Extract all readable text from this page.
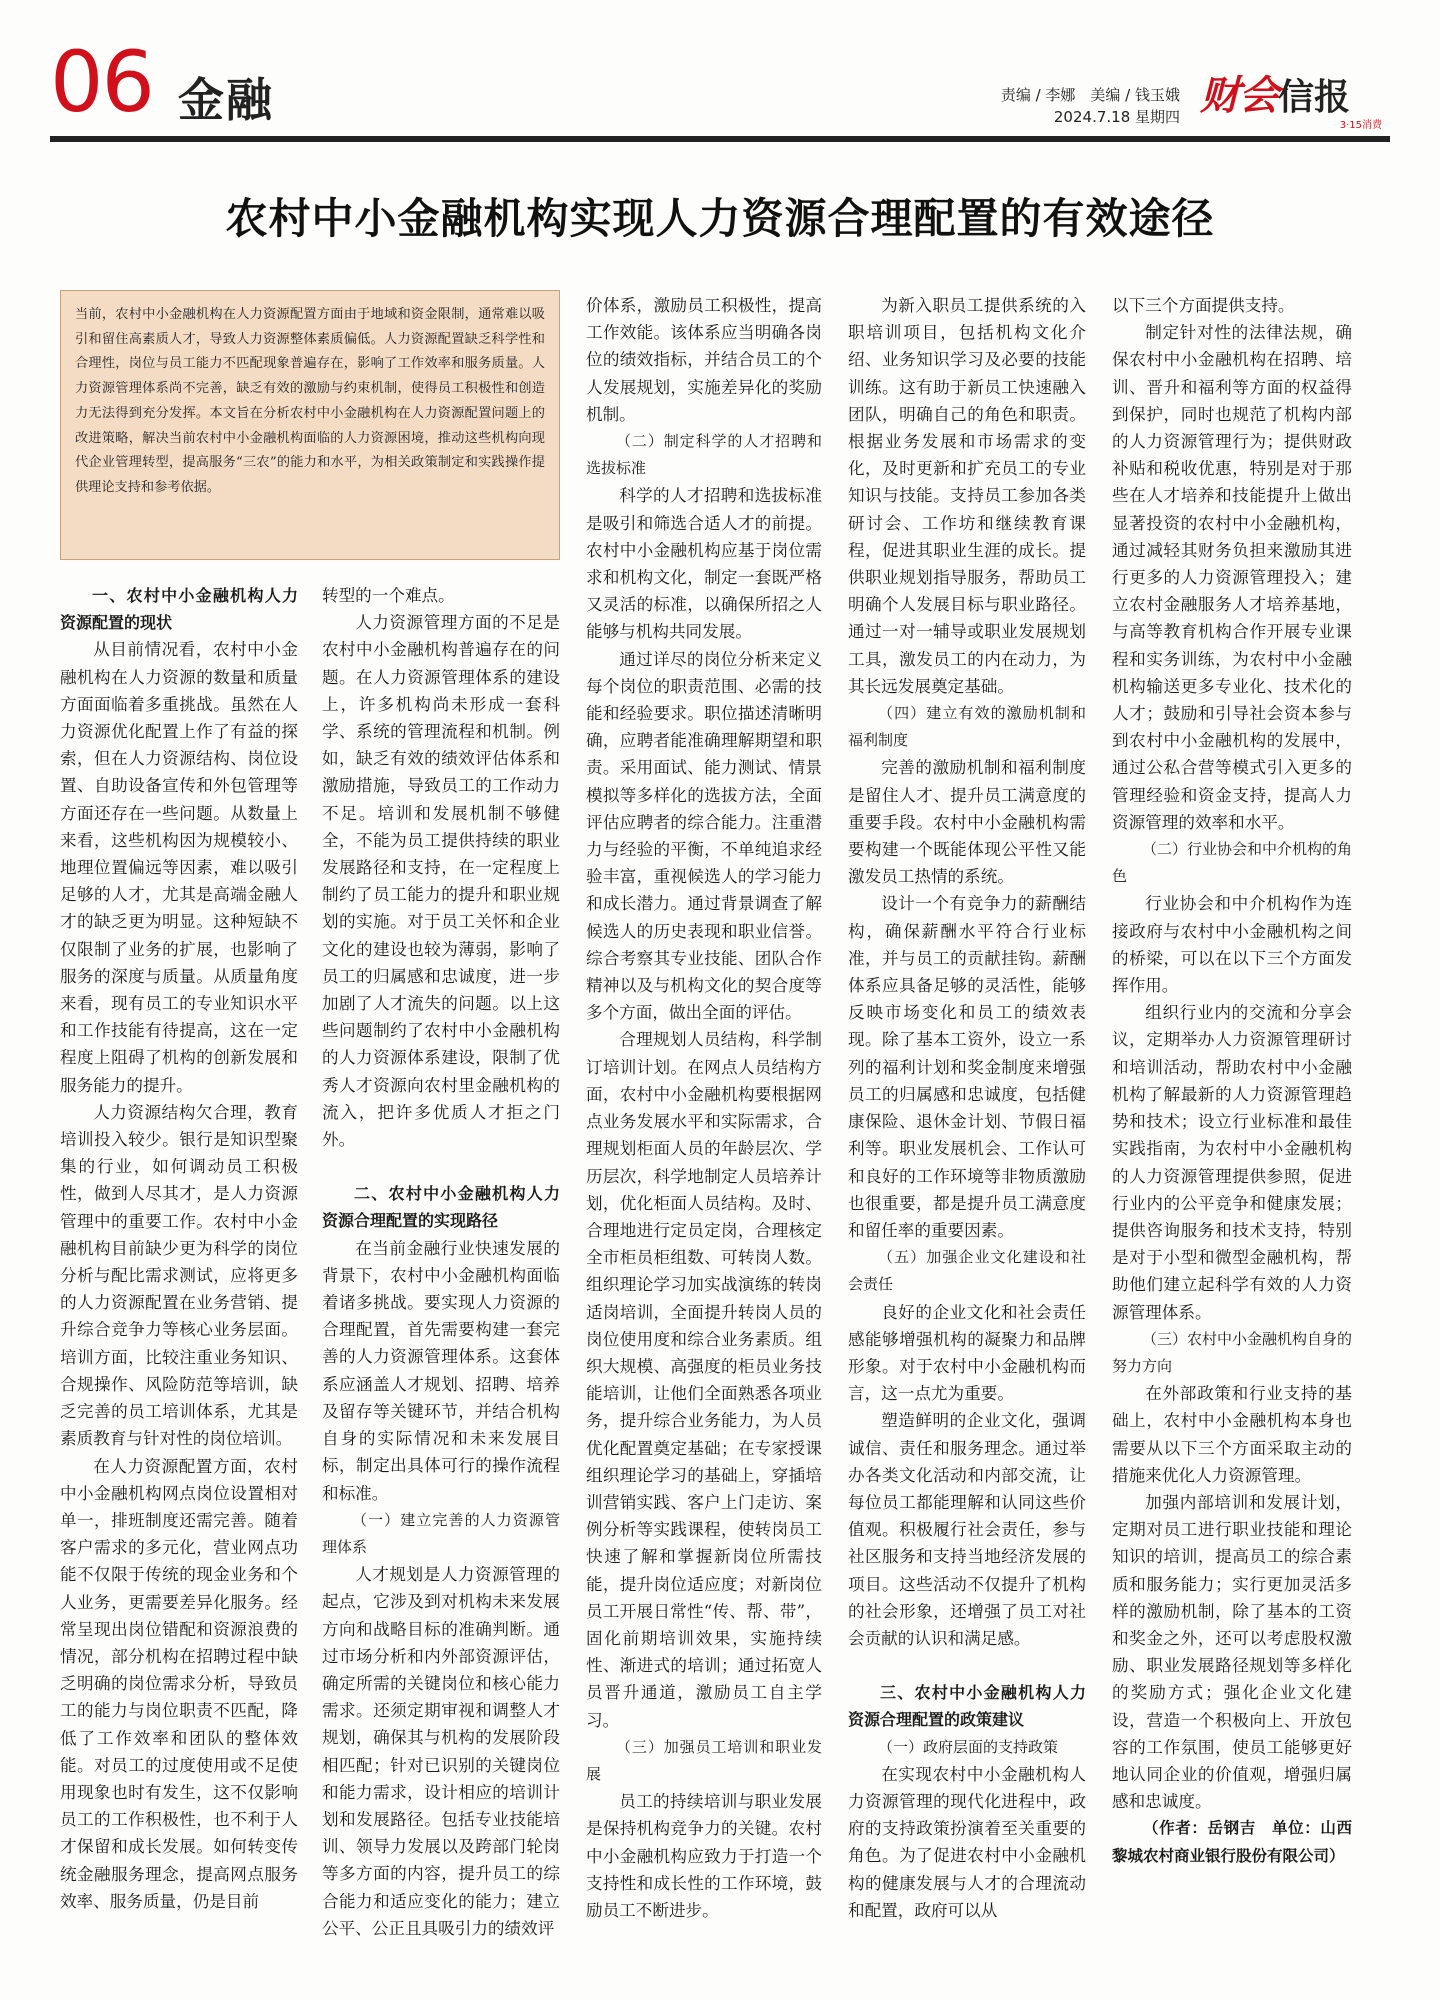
06 金融	责编 / 李娜　美编 / 钱玉娥
2024.7.18 星期四 财会信报
3·15消费
农村中小金融机构实现人力资源合理配置的有效途径
当前，农村中小金融机构在人力资源配置方面由于地域和资金限制，通常难以吸引和留住高素质人才，导致人力资源整体素质偏低。人力资源配置缺乏科学性和合理性，岗位与员工能力不匹配现象普遍存在，影响了工作效率和服务质量。人力资源管理体系尚不完善，缺乏有效的激励与约束机制，使得员工积极性和创造力无法得到充分发挥。本文旨在分析农村中小金融机构在人力资源配置问题上的改进策略，解决当前农村中小金融机构面临的人力资源困境，推动这些机构向现代企业管理转型，提高服务“三农”的能力和水平，为相关政策制定和实践操作提供理论支持和参考依据。
一、农村中小金融机构人力资源配置的现状

从目前情况看，农村中小金融机构在人力资源的数量和质量方面面临着多重挑战。虽然在人力资源优化配置上作了有益的探索，但在人力资源结构、岗位设置、自助设备宣传和外包管理等方面还存在一些问题。从数量上来看，这些机构因为规模较小、地理位置偏远等因素，难以吸引足够的人才，尤其是高端金融人才的缺乏更为明显。这种短缺不仅限制了业务的扩展，也影响了服务的深度与质量。从质量角度来看，现有员工的专业知识水平和工作技能有待提高，这在一定程度上阻碍了机构的创新发展和服务能力的提升。

人力资源结构欠合理，教育培训投入较少。银行是知识型聚集的行业，如何调动员工积极性，做到人尽其才，是人力资源管理中的重要工作。农村中小金融机构目前缺少更为科学的岗位分析与配比需求测试，应将更多的人力资源配置在业务营销、提升综合竞争力等核心业务层面。培训方面，比较注重业务知识、合规操作、风险防范等培训，缺乏完善的员工培训体系，尤其是素质教育与针对性的岗位培训。

在人力资源配置方面，农村中小金融机构网点岗位设置相对单一，排班制度还需完善。随着客户需求的多元化，营业网点功能不仅限于传统的现金业务和个人业务，更需要差异化服务。经常呈现出岗位错配和资源浪费的情况，部分机构在招聘过程中缺乏明确的岗位需求分析，导致员工的能力与岗位职责不匹配，降低了工作效率和团队的整体效能。对员工的过度使用或不足使用现象也时有发生，这不仅影响员工的工作积极性，也不利于人才保留和成长发展。如何转变传统金融服务理念，提高网点服务效率、服务质量，仍是目前

转型的一个难点。

人力资源管理方面的不足是农村中小金融机构普遍存在的问题。在人力资源管理体系的建设上，许多机构尚未形成一套科学、系统的管理流程和机制。例如，缺乏有效的绩效评估体系和激励措施，导致员工的工作动力不足。培训和发展机制不够健全，不能为员工提供持续的职业发展路径和支持，在一定程度上制约了员工能力的提升和职业规划的实施。对于员工关怀和企业文化的建设也较为薄弱，影响了员工的归属感和忠诚度，进一步加剧了人才流失的问题。以上这些问题制约了农村中小金融机构的人力资源体系建设，限制了优秀人才资源向农村里金融机构的流入，把许多优质人才拒之门外。

二、农村中小金融机构人力资源合理配置的实现路径

在当前金融行业快速发展的背景下，农村中小金融机构面临着诸多挑战。要实现人力资源的合理配置，首先需要构建一套完善的人力资源管理体系。这套体系应涵盖人才规划、招聘、培养及留存等关键环节，并结合机构自身的实际情况和未来发展目标，制定出具体可行的操作流程和标准。

（一）建立完善的人力资源管理体系

人才规划是人力资源管理的起点，它涉及到对机构未来发展方向和战略目标的准确判断。通过市场分析和内外部资源评估，确定所需的关键岗位和核心能力需求。还须定期审视和调整人才规划，确保其与机构的发展阶段相匹配；针对已识别的关键岗位和能力需求，设计相应的培训计划和发展路径。包括专业技能培训、领导力发展以及跨部门轮岗等多方面的内容，提升员工的综合能力和适应变化的能力；建立公平、公正且具吸引力的绩效评

价体系，激励员工积极性，提高工作效能。该体系应当明确各岗位的绩效指标，并结合员工的个人发展规划，实施差异化的奖励机制。

（二）制定科学的人才招聘和选拔标准

科学的人才招聘和选拔标准是吸引和筛选合适人才的前提。农村中小金融机构应基于岗位需求和机构文化，制定一套既严格又灵活的标准，以确保所招之人能够与机构共同发展。

通过详尽的岗位分析来定义每个岗位的职责范围、必需的技能和经验要求。职位描述清晰明确，应聘者能准确理解期望和职责。采用面试、能力测试、情景模拟等多样化的选拔方法，全面评估应聘者的综合能力。注重潜力与经验的平衡，不单纯追求经验丰富，重视候选人的学习能力和成长潜力。通过背景调查了解候选人的历史表现和职业信誉。综合考察其专业技能、团队合作精神以及与机构文化的契合度等多个方面，做出全面的评估。

合理规划人员结构，科学制订培训计划。在网点人员结构方面，农村中小金融机构要根据网点业务发展水平和实际需求，合理规划柜面人员的年龄层次、学历层次，科学地制定人员培养计划，优化柜面人员结构。及时、合理地进行定员定岗，合理核定全市柜员柜组数、可转岗人数。组织理论学习加实战演练的转岗适岗培训，全面提升转岗人员的岗位使用度和综合业务素质。组织大规模、高强度的柜员业务技能培训，让他们全面熟悉各项业务，提升综合业务能力，为人员优化配置奠定基础；在专家授课组织理论学习的基础上，穿插培训营销实践、客户上门走访、案例分析等实践课程，使转岗员工快速了解和掌握新岗位所需技能，提升岗位适应度；对新岗位员工开展日常性“传、帮、带”，固化前期培训效果，实施持续性、渐进式的培训；通过拓宽人员晋升通道，激励员工自主学习。

（三）加强员工培训和职业发展

员工的持续培训与职业发展是保持机构竞争力的关键。农村中小金融机构应致力于打造一个支持性和成长性的工作环境，鼓励员工不断进步。

为新入职员工提供系统的入职培训项目，包括机构文化介绍、业务知识学习及必要的技能训练。这有助于新员工快速融入团队，明确自己的角色和职责。根据业务发展和市场需求的变化，及时更新和扩充员工的专业知识与技能。支持员工参加各类研讨会、工作坊和继续教育课程，促进其职业生涯的成长。提供职业规划指导服务，帮助员工明确个人发展目标与职业路径。通过一对一辅导或职业发展规划工具，激发员工的内在动力，为其长远发展奠定基础。

（四）建立有效的激励机制和福利制度

完善的激励机制和福利制度是留住人才、提升员工满意度的重要手段。农村中小金融机构需要构建一个既能体现公平性又能激发员工热情的系统。

设计一个有竞争力的薪酬结构，确保薪酬水平符合行业标准，并与员工的贡献挂钩。薪酬体系应具备足够的灵活性，能够反映市场变化和员工的绩效表现。除了基本工资外，设立一系列的福利计划和奖金制度来增强员工的归属感和忠诚度，包括健康保险、退休金计划、节假日福利等。职业发展机会、工作认可和良好的工作环境等非物质激励也很重要，都是提升员工满意度和留任率的重要因素。

（五）加强企业文化建设和社会责任

良好的企业文化和社会责任感能够增强机构的凝聚力和品牌形象。对于农村中小金融机构而言，这一点尤为重要。

塑造鲜明的企业文化，强调诚信、责任和服务理念。通过举办各类文化活动和内部交流，让每位员工都能理解和认同这些价值观。积极履行社会责任，参与社区服务和支持当地经济发展的项目。这些活动不仅提升了机构的社会形象，还增强了员工对社会贡献的认识和满足感。

三、农村中小金融机构人力资源合理配置的政策建议
（一）政府层面的支持政策

在实现农村中小金融机构人力资源管理的现代化进程中，政府的支持政策扮演着至关重要的角色。为了促进农村中小金融机构的健康发展与人才的合理流动和配置，政府可以从

以下三个方面提供支持。

制定针对性的法律法规，确保农村中小金融机构在招聘、培训、晋升和福利等方面的权益得到保护，同时也规范了机构内部的人力资源管理行为；提供财政补贴和税收优惠，特别是对于那些在人才培养和技能提升上做出显著投资的农村中小金融机构，通过减轻其财务负担来激励其进行更多的人力资源管理投入；建立农村金融服务人才培养基地，与高等教育机构合作开展专业课程和实务训练，为农村中小金融机构输送更多专业化、技术化的人才；鼓励和引导社会资本参与到农村中小金融机构的发展中，通过公私合营等模式引入更多的管理经验和资金支持，提高人力资源管理的效率和水平。

（二）行业协会和中介机构的角色

行业协会和中介机构作为连接政府与农村中小金融机构之间的桥梁，可以在以下三个方面发挥作用。

组织行业内的交流和分享会议，定期举办人力资源管理研讨和培训活动，帮助农村中小金融机构了解最新的人力资源管理趋势和技术；设立行业标准和最佳实践指南，为农村中小金融机构的人力资源管理提供参照，促进行业内的公平竞争和健康发展；提供咨询服务和技术支持，特别是对于小型和微型金融机构，帮助他们建立起科学有效的人力资源管理体系。

（三）农村中小金融机构自身的努力方向

在外部政策和行业支持的基础上，农村中小金融机构本身也需要从以下三个方面采取主动的措施来优化人力资源管理。

加强内部培训和发展计划，定期对员工进行职业技能和理论知识的培训，提高员工的综合素质和服务能力；实行更加灵活多样的激励机制，除了基本的工资和奖金之外，还可以考虑股权激励、职业发展路径规划等多样化的奖励方式；强化企业文化建设，营造一个积极向上、开放包容的工作氛围，使员工能够更好地认同企业的价值观，增强归属感和忠诚度。

（作者：岳钢吉　单位：山西黎城农村商业银行股份有限公司）
